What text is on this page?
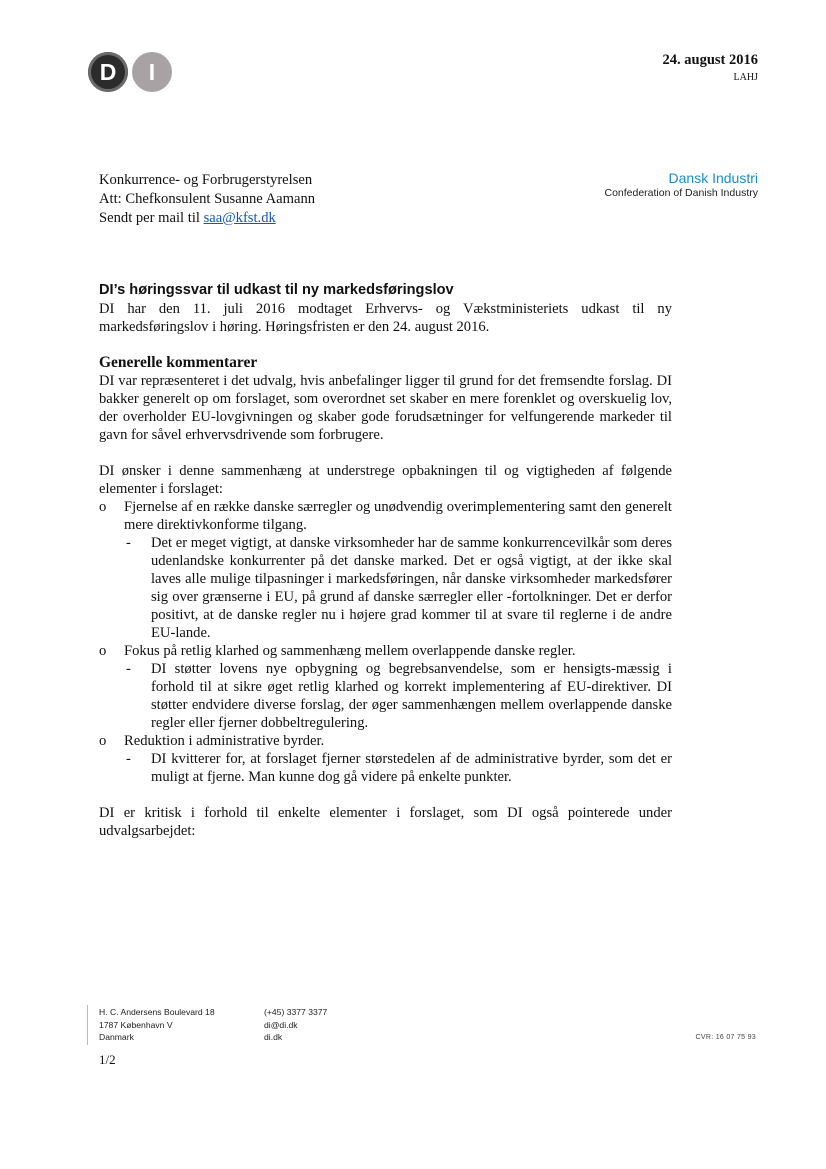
D I	24. august 2016
LAHJ
Konkurrence- og Forbrugerstyrelsen
Att: Chefkonsulent Susanne Aamann
Sendt per mail til saa@kfst.dk
Dansk Industri
Confederation of Danish Industry
DI’s høringssvar til udkast til ny markedsføringslov

DI har den 11. juli 2016 modtaget Erhvervs- og Vækstministeriets udkast til ny markedsføringslov i høring. Høringsfristen er den 24. august 2016.

Generelle kommentarer

DI var repræsenteret i det udvalg, hvis anbefalinger ligger til grund for det fremsendte forslag. DI bakker generelt op om forslaget, som overordnet set skaber en mere forenklet og overskuelig lov, der overholder EU-lovgivningen og skaber gode forudsætninger for velfungerende markeder til gavn for såvel erhvervsdrivende som forbrugere.

DI ønsker i denne sammenhæng at understrege opbakningen til og vigtigheden af følgende elementer i forslaget:

o Fjernelse af en række danske særregler og unødvendig overimplementering samt den generelt mere direktivkonforme tilgang.
- Det er meget vigtigt, at danske virksomheder har de samme konkurrencevilkår som deres udenlandske konkurrenter på det danske marked. Det er også vigtigt, at der ikke skal laves alle mulige tilpasninger i markedsføringen, når danske virksomheder markedsfører sig over grænserne i EU, på grund af danske særregler eller -fortolkninger. Det er derfor positivt, at de danske regler nu i højere grad kommer til at svare til reglerne i de andre EU-lande.
o Fokus på retlig klarhed og sammenhæng mellem overlappende danske regler.
- DI støtter lovens nye opbygning og begrebsanvendelse, som er hensigts-mæssig i forhold til at sikre øget retlig klarhed og korrekt implementering af EU-direktiver. DI støtter endvidere diverse forslag, der øger sammenhængen mellem overlappende danske regler eller fjerner dobbeltregulering.
o Reduktion i administrative byrder.
- DI kvitterer for, at forslaget fjerner størstedelen af de administrative byrder, som det er muligt at fjerne. Man kunne dog gå videre på enkelte punkter.

DI er kritisk i forhold til enkelte elementer i forslaget, som DI også pointerede under udvalgsarbejdet:

H. C. Andersens Boulevard 18
1787 København V
Danmark
(+45) 3377 3377
di@di.dk
di.dk	CVR: 16 07 75 93
1/2
